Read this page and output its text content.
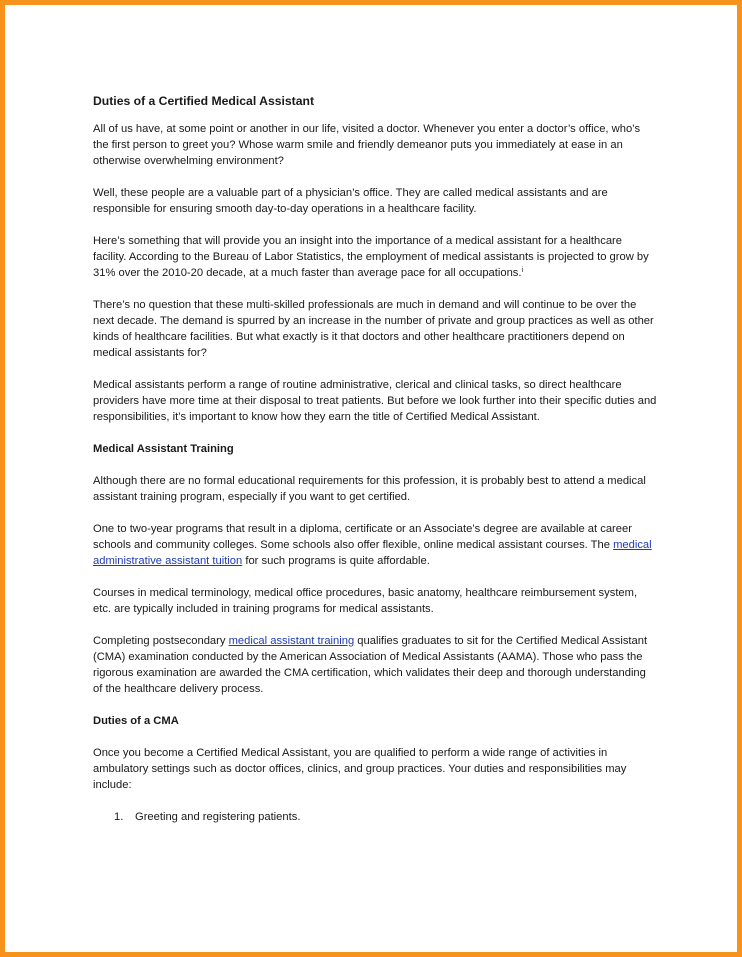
Duties of a Certified Medical Assistant

All of us have, at some point or another in our life, visited a doctor. Whenever you enter a doctor’s office, who’s the first person to greet you? Whose warm smile and friendly demeanor puts you immediately at ease in an otherwise overwhelming environment?

Well, these people are a valuable part of a physician’s office. They are called medical assistants and are responsible for ensuring smooth day-to-day operations in a healthcare facility.

Here’s something that will provide you an insight into the importance of a medical assistant for a healthcare facility. According to the Bureau of Labor Statistics, the employment of medical assistants is projected to grow by 31% over the 2010-20 decade, at a much faster than average pace for all occupations.$^i$

There’s no question that these multi-skilled professionals are much in demand and will continue to be over the next decade. The demand is spurred by an increase in the number of private and group practices as well as other kinds of healthcare facilities. But what exactly is it that doctors and other healthcare practitioners depend on medical assistants for?

Medical assistants perform a range of routine administrative, clerical and clinical tasks, so direct healthcare providers have more time at their disposal to treat patients. But before we look further into their specific duties and responsibilities, it’s important to know how they earn the title of Certified Medical Assistant.

Medical Assistant Training

Although there are no formal educational requirements for this profession, it is probably best to attend a medical assistant training program, especially if you want to get certified.

One to two-year programs that result in a diploma, certificate or an Associate’s degree are available at career schools and community colleges. Some schools also offer flexible, online medical assistant courses. The medical administrative assistant tuition for such programs is quite affordable.

Courses in medical terminology, medical office procedures, basic anatomy, healthcare reimbursement system, etc. are typically included in training programs for medical assistants.

Completing postsecondary medical assistant training qualifies graduates to sit for the Certified Medical Assistant (CMA) examination conducted by the American Association of Medical Assistants (AAMA). Those who pass the rigorous examination are awarded the CMA certification, which validates their deep and thorough understanding of the healthcare delivery process.

Duties of a CMA

Once you become a Certified Medical Assistant, you are qualified to perform a wide range of activities in ambulatory settings such as doctor offices, clinics, and group practices. Your duties and responsibilities may include:

1. Greeting and registering patients.
